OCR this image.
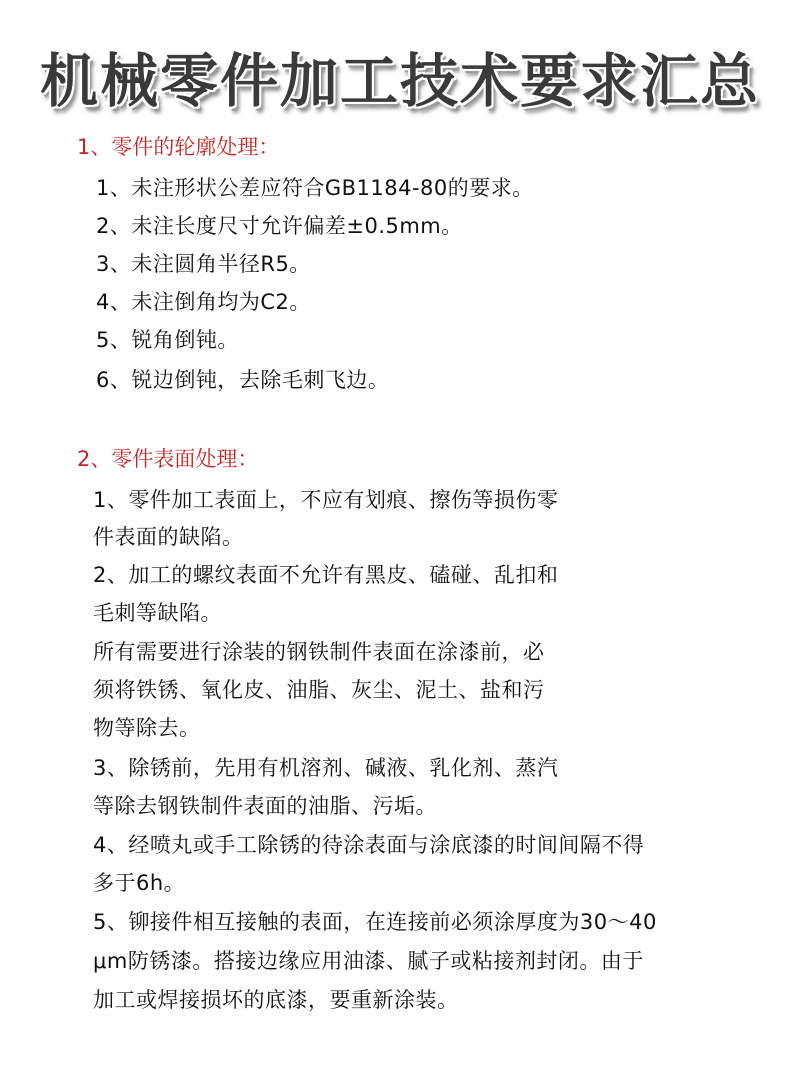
机械零件加工技术要求汇总
1、零件的轮廓处理：
1、未注形状公差应符合GB1184-80的要求。
2、未注长度尺寸允许偏差±0.5mm。
3、未注圆角半径R5。
4、未注倒角均为C2。
5、锐角倒钝。
6、锐边倒钝，去除毛刺飞边。
2、零件表面处理：
1、零件加工表面上，不应有划痕、擦伤等损伤零
件表面的缺陷。
2、加工的螺纹表面不允许有黑皮、磕碰、乱扣和
毛刺等缺陷。
所有需要进行涂装的钢铁制件表面在涂漆前，必
须将铁锈、氧化皮、油脂、灰尘、泥土、盐和污
物等除去。
3、除锈前，先用有机溶剂、碱液、乳化剂、蒸汽
等除去钢铁制件表面的油脂、污垢。
4、经喷丸或手工除锈的待涂表面与涂底漆的时间间隔不得
多于6h。
5、铆接件相互接触的表面，在连接前必须涂厚度为30～40
μm防锈漆。搭接边缘应用油漆、腻子或粘接剂封闭。由于
加工或焊接损坏的底漆，要重新涂装。
